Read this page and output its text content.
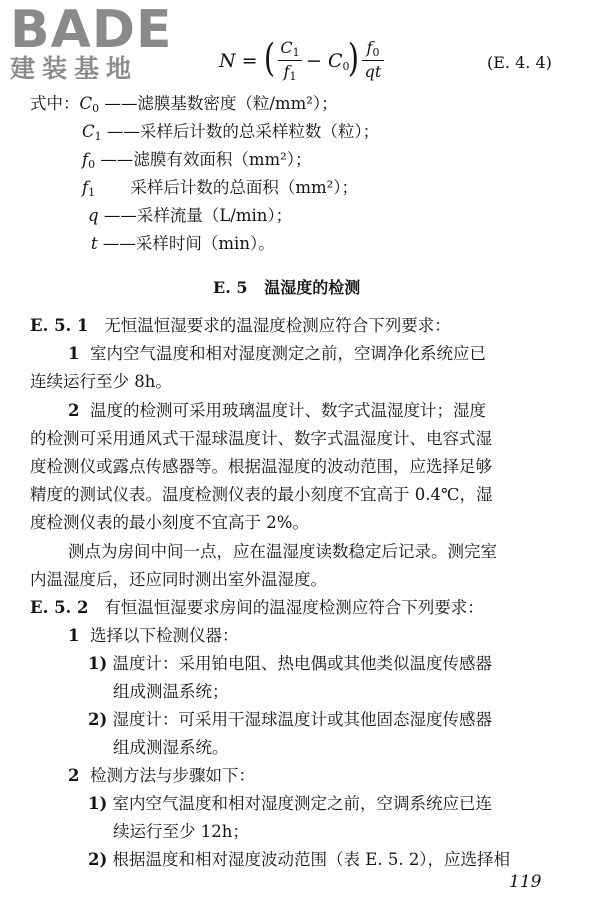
BADE
建装基地	N = ( $C_1$
$f_1$
− $C_0$
) $f_0$
qt	(E. 4. 4)
式中：$C_0$ ——滤膜基数密度（粒/mm²）；
$C_1$ ——采样后计数的总采样粒数（粒）；
$f_0$ ——滤膜有效面积（mm²）；
$f_1$ 采样后计数的总面积（mm²）；
q ——采样流量（L/min）；
t ——采样时间（min）。
E. 5 温湿度的检测
E. 5. 1 无恒温恒湿要求的温湿度检测应符合下列要求：
1 室内空气温度和相对湿度测定之前，空调净化系统应已
连续运行至少 8h。
2 温度的检测可采用玻璃温度计、数字式温湿度计；湿度
的检测可采用通风式干湿球温度计、数字式温湿度计、电容式湿
度检测仪或露点传感器等。根据温湿度的波动范围，应选择足够
精度的测试仪表。温度检测仪表的最小刻度不宜高于 0.4℃，湿
度检测仪表的最小刻度不宜高于 2%。
测点为房间中间一点，应在温湿度读数稳定后记录。测完室
内温湿度后，还应同时测出室外温湿度。
E. 5. 2 有恒温恒湿要求房间的温湿度检测应符合下列要求：
1 选择以下检测仪器：
1) 温度计：采用铂电阻、热电偶或其他类似温度传感器
组成测温系统；
2) 湿度计：可采用干湿球温度计或其他固态湿度传感器
组成测湿系统。
2 检测方法与步骤如下：
1) 室内空气温度和相对湿度测定之前，空调系统应已连
续运行至少 12h；
2) 根据温度和相对湿度波动范围（表 E. 5. 2），应选择相
119
